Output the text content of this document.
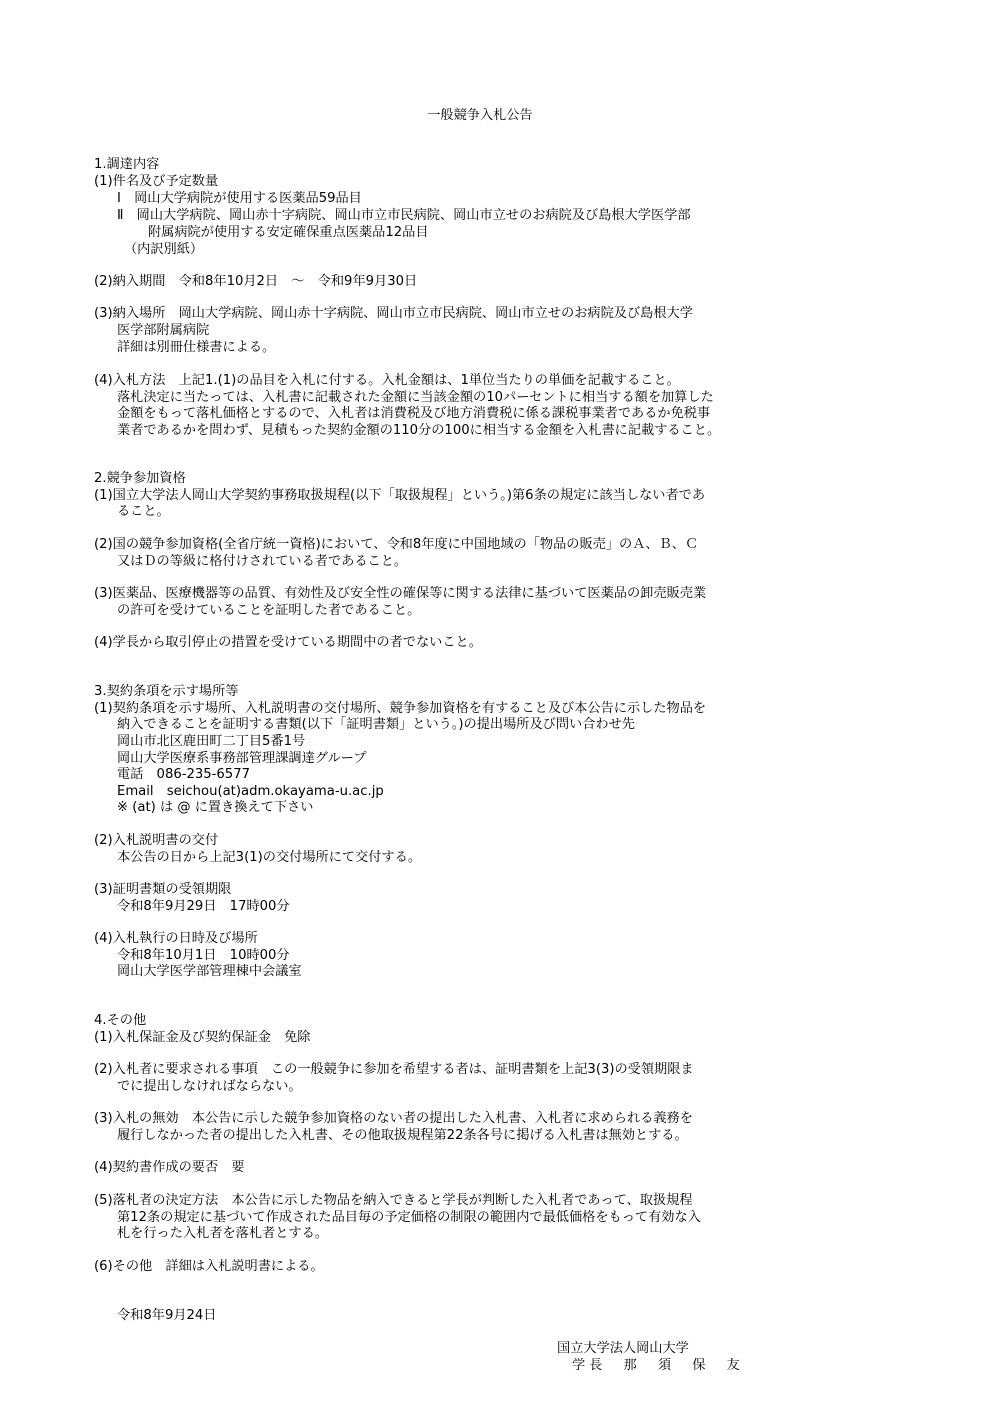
一般競争入札公告

1.調達内容

(1)件名及び予定数量

Ⅰ　岡山大学病院が使用する医薬品59品目

Ⅱ　岡山大学病院、岡山赤十字病院、岡山市立市民病院、岡山市立せのお病院及び島根大学医学部

附属病院が使用する安定確保重点医薬品12品目

（内訳別紙）

(2)納入期間　令和8年10月2日　～　令和9年9月30日

(3)納入場所　岡山大学病院、岡山赤十字病院、岡山市立市民病院、岡山市立せのお病院及び島根大学

医学部附属病院

詳細は別冊仕様書による。

(4)入札方法　上記1.(1)の品目を入札に付する。入札金額は、1単位当たりの単価を記載すること。

落札決定に当たっては、入札書に記載された金額に当該金額の10パーセントに相当する額を加算した

金額をもって落札価格とするので、入札者は消費税及び地方消費税に係る課税事業者であるか免税事

業者であるかを問わず、見積もった契約金額の110分の100に相当する金額を入札書に記載すること。

2.競争参加資格

(1)国立大学法人岡山大学契約事務取扱規程(以下「取扱規程」という。)第6条の規定に該当しない者であ

ること。

(2)国の競争参加資格(全省庁統一資格)において、令和8年度に中国地域の「物品の販売」のＡ、Ｂ、Ｃ

又はＤの等級に格付けされている者であること。

(3)医薬品、医療機器等の品質、有効性及び安全性の確保等に関する法律に基づいて医薬品の卸売販売業

の許可を受けていることを証明した者であること。

(4)学長から取引停止の措置を受けている期間中の者でないこと。

3.契約条項を示す場所等

(1)契約条項を示す場所、入札説明書の交付場所、競争参加資格を有すること及び本公告に示した物品を

納入できることを証明する書類(以下「証明書類」という。)の提出場所及び問い合わせ先

岡山市北区鹿田町二丁目5番1号

岡山大学医療系事務部管理課調達グループ

電話　086-235-6577

Email　seichou(at)adm.okayama-u.ac.jp

※ (at) は @ に置き換えて下さい

(2)入札説明書の交付

本公告の日から上記3(1)の交付場所にて交付する。

(3)証明書類の受領期限

令和8年9月29日　17時00分

(4)入札執行の日時及び場所

令和8年10月1日　10時00分

岡山大学医学部管理棟中会議室

4.その他

(1)入札保証金及び契約保証金　免除

(2)入札者に要求される事項　この一般競争に参加を希望する者は、証明書類を上記3(3)の受領期限ま

でに提出しなければならない。

(3)入札の無効　本公告に示した競争参加資格のない者の提出した入札書、入札者に求められる義務を

履行しなかった者の提出した入札書、その他取扱規程第22条各号に掲げる入札書は無効とする。

(4)契約書作成の要否　要

(5)落札者の決定方法　本公告に示した物品を納入できると学長が判断した入札者であって、取扱規程

第12条の規定に基づいて作成された品目毎の予定価格の制限の範囲内で最低価格をもって有効な入

札を行った入札者を落札者とする。

(6)その他　詳細は入札説明書による。

令和8年9月24日

国立大学法人岡山大学

学長　那　須　保　友
